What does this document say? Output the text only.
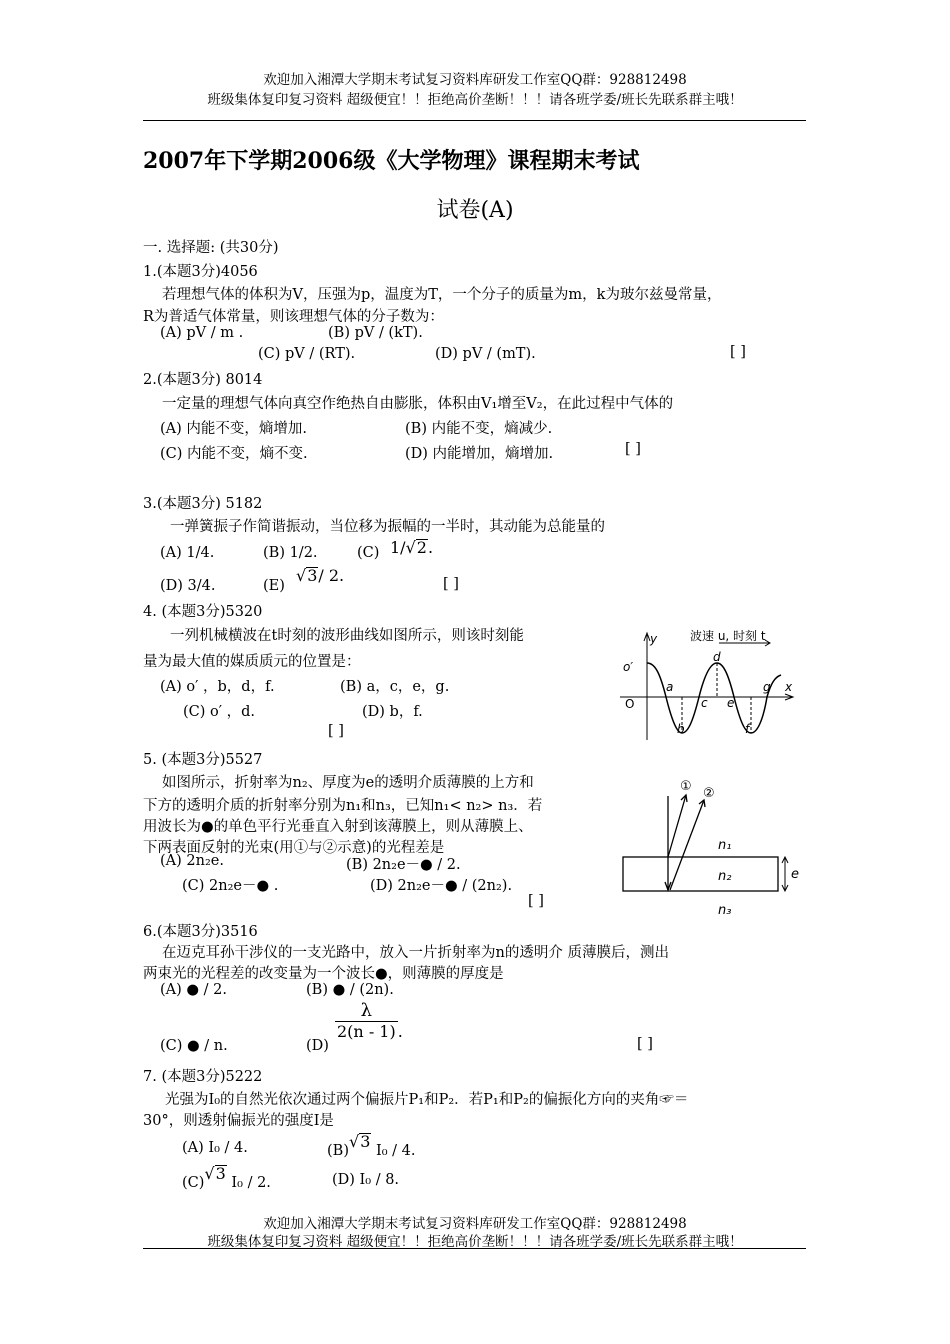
欢迎加入湘潭大学期末考试复习资料库研发工作室QQ群：928812498
班级集体复印复习资料 超级便宜！！拒绝高价垄断！！！请各班学委/班长先联系群主哦！
2007年下学期2006级《大学物理》课程期末考试
试卷(A)
一. 选择题: (共30分)
1.(本题3分)4056
若理想气体的体积为V，压强为p，温度为T，一个分子的质量为m，k为玻尔兹曼常量，
R为普适气体常量，则该理想气体的分子数为：
(A) pV / m .	(B) pV / (kT).
(C) pV / (RT).	(D) pV / (mT).	[ ]
2.(本题3分) 8014
一定量的理想气体向真空作绝热自由膨胀，体积由V₁增至V₂，在此过程中气体的
(A) 内能不变，熵增加.	(B) 内能不变，熵减少.
(C) 内能不变，熵不变.	(D) 内能增加，熵增加.	[ ]
3.(本题3分) 5182
一弹簧振子作简谐振动，当位移为振幅的一半时，其动能为总能量的
(A) 1/4.	(B) 1/2.	(C) 1/√2.
(D) 3/4.	(E)
√3/ 2.	[ ]
4. (本题3分)5320
一列机械横波在t时刻的波形曲线如图所示，则该时刻能
量为最大值的媒质质元的位置是：
(A) o′ ，b，d，f.	(B) a，c，e，g.
(C) o′ ，d.	(D) b，f.
[ ]
波速 u, 时刻 t
y
x
o′
O
a
b
c
d
e
f
g
5. (本题3分)5527
如图所示，折射率为n₂、厚度为e的透明介质薄膜的上方和
下方的透明介质的折射率分别为n₁和n₃，已知n₁< n₂> n₃．若
用波长为●的单色平行光垂直入射到该薄膜上，则从薄膜上、
下两表面反射的光束(用①与②示意)的光程差是
(A) 2n₂e.	(B) 2n₂e－● / 2.
(C) 2n₂e－● .	(D) 2n₂e－● / (2n₂).
[ ]
① ②
n₁
n₂
n₃
e
6.(本题3分)3516
在迈克耳孙干涉仪的一支光路中，放入一片折射率为n的透明介 质薄膜后，测出
两束光的光程差的改变量为一个波长●，则薄膜的厚度是
(A) ● / 2.	(B) ● / (2n).
(C) ● / n.	(D)
$\frac{\lambda}{2(n - 1)}$ .
[ ]
7. (本题3分)5222
光强为I₀的自然光依次通过两个偏振片P₁和P₂．若P₁和P₂的偏振化方向的夹角☞＝
30°，则透射偏振光的强度I是
(A) I₀ / 4.	(B)√3 I₀ / 4.
(C)√3 I₀ / 2.	(D) I₀ / 8.
欢迎加入湘潭大学期末考试复习资料库研发工作室QQ群：928812498
班级集体复印复习资料 超级便宜！！拒绝高价垄断！！！请各班学委/班长先联系群主哦！
